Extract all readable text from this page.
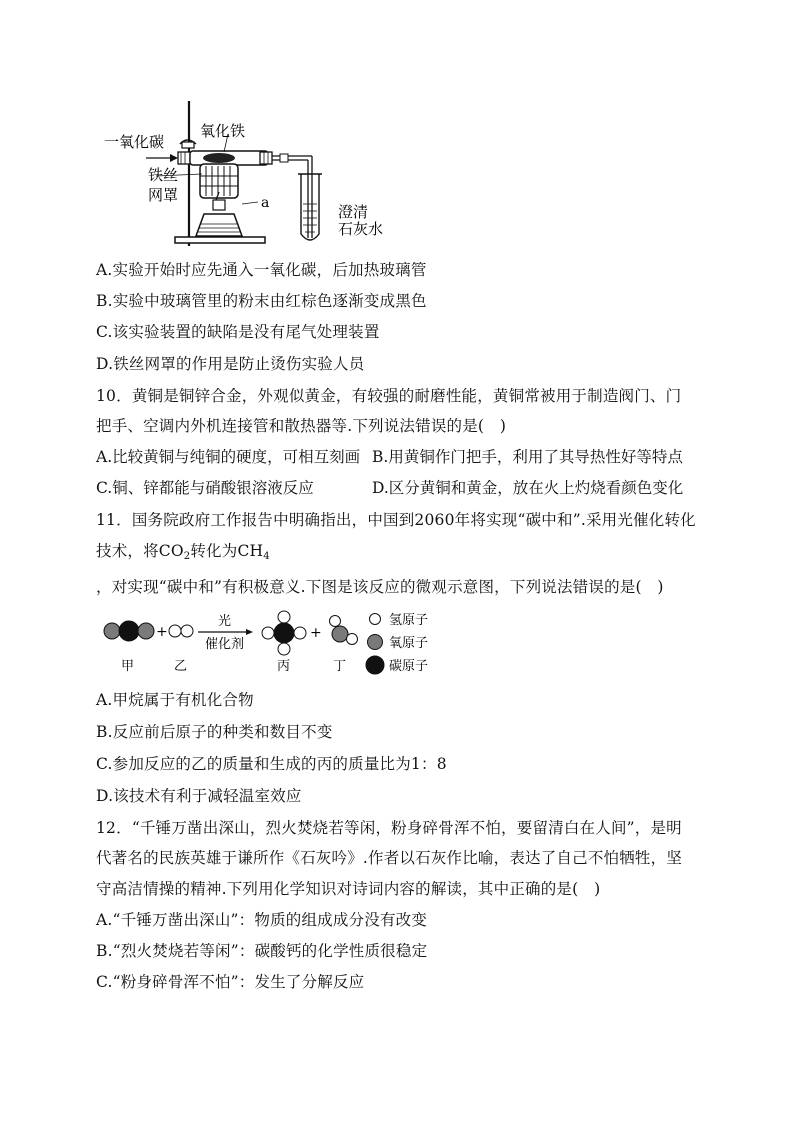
一氧化碳
氧化铁
铁丝
网罩	a	澄清
石灰水
A.实验开始时应先通入一氧化碳，后加热玻璃管
B.实验中玻璃管里的粉末由红棕色逐渐变成黑色
C.该实验装置的缺陷是没有尾气处理装置
D.铁丝网罩的作用是防止烫伤实验人员
10．黄铜是铜锌合金，外观似黄金，有较强的耐磨性能，黄铜常被用于制造阀门、门
把手、空调内外机连接管和散热器等.下列说法错误的是(　)
A.比较黄铜与纯铜的硬度，可相互刻画 B.用黄铜作门把手，利用了其导热性好等特点
C.铜、锌都能与硝酸银溶液反应	D.区分黄铜和黄金，放在火上灼烧看颜色变化
11．国务院政府工作报告中明确指出，中国到2060年将实现“碳中和”.采用光催化转化
技术，将$CO_2$转化为$CH_4$
，对实现“碳中和”有积极意义.下图是该反应的微观示意图，下列说法错误的是(　)
+
光
催化剂
+
甲	乙	丙	丁
氢原子
氧原子
碳原子
A.甲烷属于有机化合物
B.反应前后原子的种类和数目不变
C.参加反应的乙的质量和生成的丙的质量比为1：8
D.该技术有利于减轻温室效应
12．“千锤万凿出深山，烈火焚烧若等闲，粉身碎骨浑不怕，要留清白在人间”，是明
代著名的民族英雄于谦所作《石灰吟》.作者以石灰作比喻，表达了自己不怕牺牲，坚
守高洁情操的精神.下列用化学知识对诗词内容的解读，其中正确的是(　)
A.“千锤万凿出深山”：物质的组成成分没有改变
B.“烈火焚烧若等闲”：碳酸钙的化学性质很稳定
C.“粉身碎骨浑不怕”：发生了分解反应
